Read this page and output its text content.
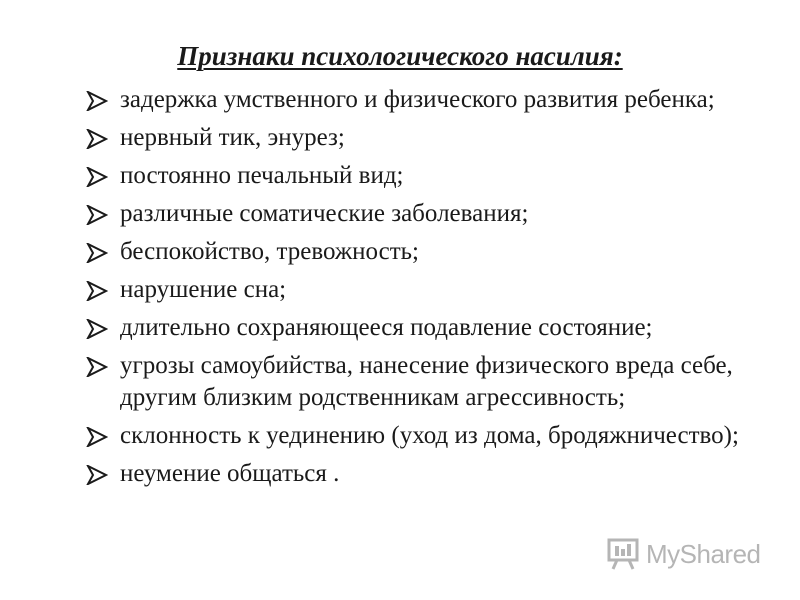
Признаки психологического насилия:
задержка умственного и физического развития ребенка;
нервный тик, энурез;
постоянно печальный вид;
различные соматические заболевания;
беспокойство, тревожность;
нарушение сна;
длительно сохраняющееся подавление состояние;
угрозы самоубийства, нанесение физического вреда себе, другим близким родственникам агрессивность;
склонность к уединению (уход из дома, бродяжничество);
неумение общаться .
MyShared
